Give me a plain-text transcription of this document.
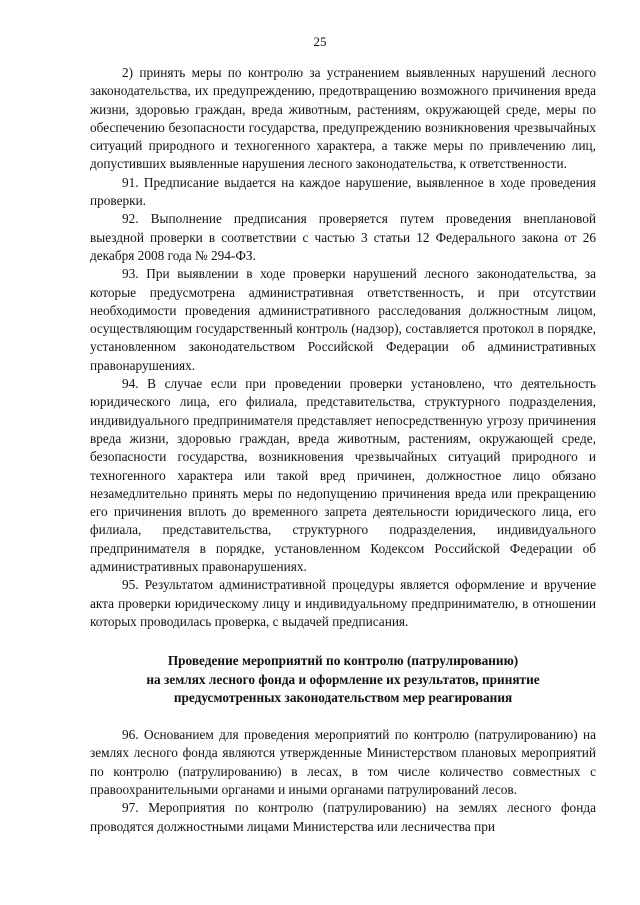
25

2) принять меры по контролю за устранением выявленных нарушений лесного законодательства, их предупреждению, предотвращению возможного причинения вреда жизни, здоровью граждан, вреда животным, растениям, окружающей среде, меры по обеспечению безопасности государства, предупреждению возникновения чрезвычайных ситуаций природного и техногенного характера, а также меры по привлечению лиц, допустивших выявленные нарушения лесного законодательства, к ответственности.

91. Предписание выдается на каждое нарушение, выявленное в ходе проведения проверки.

92. Выполнение предписания проверяется путем проведения внеплановой выездной проверки в соответствии с частью 3 статьи 12 Федерального закона от 26 декабря 2008 года № 294-ФЗ.

93. При выявлении в ходе проверки нарушений лесного законодательства, за которые предусмотрена административная ответственность, и при отсутствии необходимости проведения административного расследования должностным лицом, осуществляющим государственный контроль (надзор), составляется протокол в порядке, установленном законодательством Российской Федерации об административных правонарушениях.

94. В случае если при проведении проверки установлено, что деятельность юридического лица, его филиала, представительства, структурного подразделения, индивидуального предпринимателя представляет непосредственную угрозу причинения вреда жизни, здоровью граждан, вреда животным, растениям, окружающей среде, безопасности государства, возникновения чрезвычайных ситуаций природного и техногенного характера или такой вред причинен, должностное лицо обязано незамедлительно принять меры по недопущению причинения вреда или прекращению его причинения вплоть до временного запрета деятельности юридического лица, его филиала, представительства, структурного подразделения, индивидуального предпринимателя в порядке, установленном Кодексом Российской Федерации об административных правонарушениях.

95. Результатом административной процедуры является оформление и вручение акта проверки юридическому лицу и индивидуальному предпринимателю, в отношении которых проводилась проверка, с выдачей предписания.

Проведение мероприятий по контролю (патрулированию)
на землях лесного фонда и оформление их результатов, принятие
предусмотренных законодательством мер реагирования

96. Основанием для проведения мероприятий по контролю (патрулированию) на землях лесного фонда являются утвержденные Министерством плановых мероприятий по контролю (патрулированию) в лесах, в том числе количество совместных с правоохранительными органами и иными органами патрулирований лесов.

97. Мероприятия по контролю (патрулированию) на землях лесного фонда проводятся должностными лицами Министерства или лесничества при
